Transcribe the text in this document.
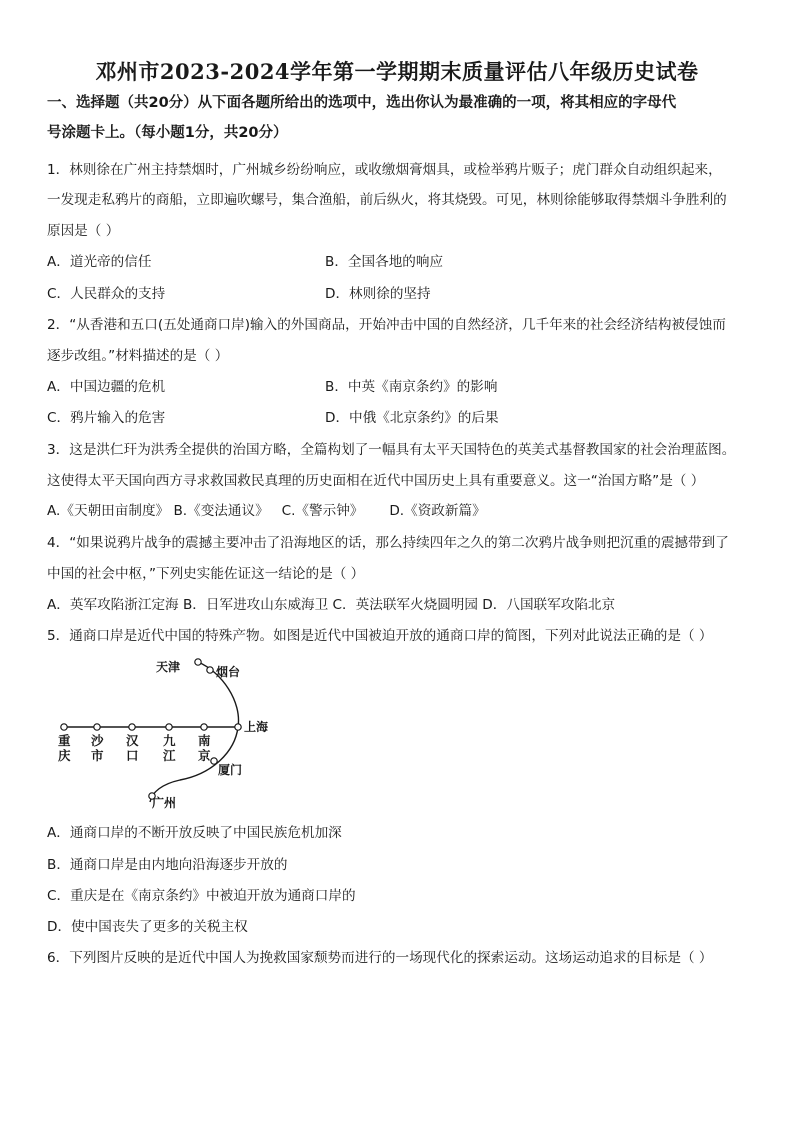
邓州市2023-2024学年第一学期期末质量评估八年级历史试卷
一、选择题（共20分）从下面各题所给出的选项中，选出你认为最准确的一项，将其相应的字母代
号涂题卡上。（每小题1分，共20分）
1．林则徐在广州主持禁烟时，广州城乡纷纷响应，或收缴烟膏烟具，或检举鸦片贩子；虎门群众自动组织起来，
一发现走私鸦片的商船，立即遍吹螺号，集合渔船，前后纵火，将其烧毁。可见，林则徐能够取得禁烟斗争胜利的
原因是（ ）
A．道光帝的信任	B．全国各地的响应
C．人民群众的支持	D．林则徐的坚持
2．“从香港和五口(五处通商口岸)输入的外国商品，开始冲击中国的自然经济，几千年来的社会经济结构被侵蚀而
逐步改组。”材料描述的是（ ）
A．中国边疆的危机	B．中英《南京条约》的影响
C．鸦片输入的危害	D．中俄《北京条约》的后果
3．这是洪仁玕为洪秀全提供的治国方略，全篇构划了一幅具有太平天国特色的英美式基督教国家的社会治理蓝图。
这使得太平天国向西方寻求救国救民真理的历史面相在近代中国历史上具有重要意义。这一“治国方略”是（ ）
A.《天朝田亩制度》 B.《变法通议》   C.《警示钟》      D.《资政新篇》
4．“如果说鸦片战争的震撼主要冲击了沿海地区的话，那么持续四年之久的第二次鸦片战争则把沉重的震撼带到了
中国的社会中枢，”下列史实能佐证这一结论的是（ ）
A．英军攻陷浙江定海 B．日军进攻山东威海卫 C．英法联军火烧圆明园 D．八国联军攻陷北京
5．通商口岸是近代中国的特殊产物。如图是近代中国被迫开放的通商口岸的简图，下列对此说法正确的是（ ）
天津	烟台
上海
厦门
广州
重 庆
沙 市
汉 口
九 江
南 京
A．通商口岸的不断开放反映了中国民族危机加深
B．通商口岸是由内地向沿海逐步开放的
C．重庆是在《南京条约》中被迫开放为通商口岸的
D．使中国丧失了更多的关税主权
6．下列图片反映的是近代中国人为挽救国家颓势而进行的一场现代化的探索运动。这场运动追求的目标是（ ）
